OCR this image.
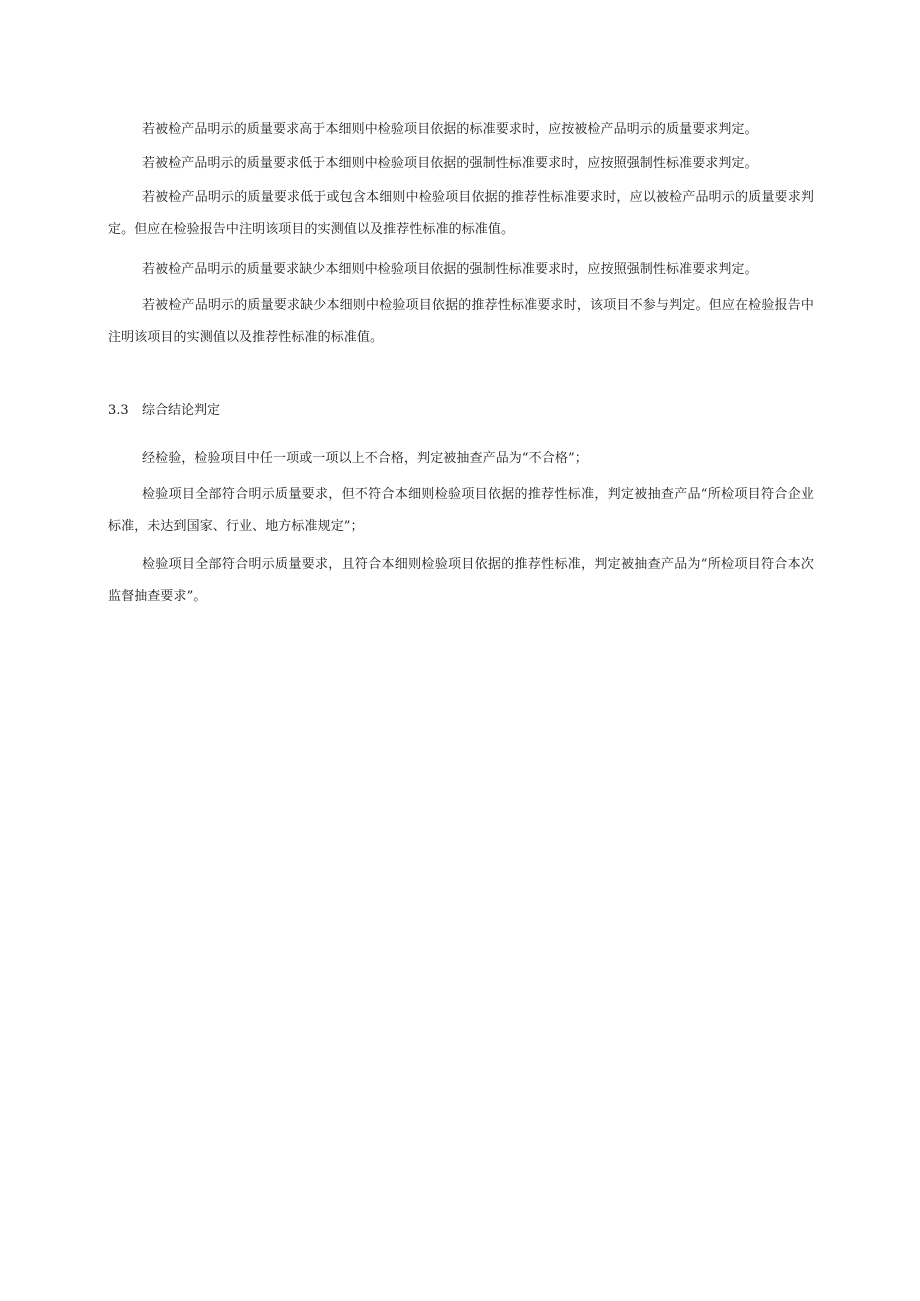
若被检产品明示的质量要求高于本细则中检验项目依据的标准要求时，应按被检产品明示的质量要求判定。

若被检产品明示的质量要求低于本细则中检验项目依据的强制性标准要求时，应按照强制性标准要求判定。

若被检产品明示的质量要求低于或包含本细则中检验项目依据的推荐性标准要求时，应以被检产品明示的质量要求判定。但应在检验报告中注明该项目的实测值以及推荐性标准的标准值。

若被检产品明示的质量要求缺少本细则中检验项目依据的强制性标准要求时，应按照强制性标准要求判定。

若被检产品明示的质量要求缺少本细则中检验项目依据的推荐性标准要求时，该项目不参与判定。但应在检验报告中注明该项目的实测值以及推荐性标准的标准值。

3.3 综合结论判定

经检验，检验项目中任一项或一项以上不合格，判定被抽查产品为“不合格”；

检验项目全部符合明示质量要求，但不符合本细则检验项目依据的推荐性标准，判定被抽查产品“所检项目符合企业标准，未达到国家、行业、地方标准规定”；

检验项目全部符合明示质量要求，且符合本细则检验项目依据的推荐性标准，判定被抽查产品为“所检项目符合本次监督抽查要求”。
